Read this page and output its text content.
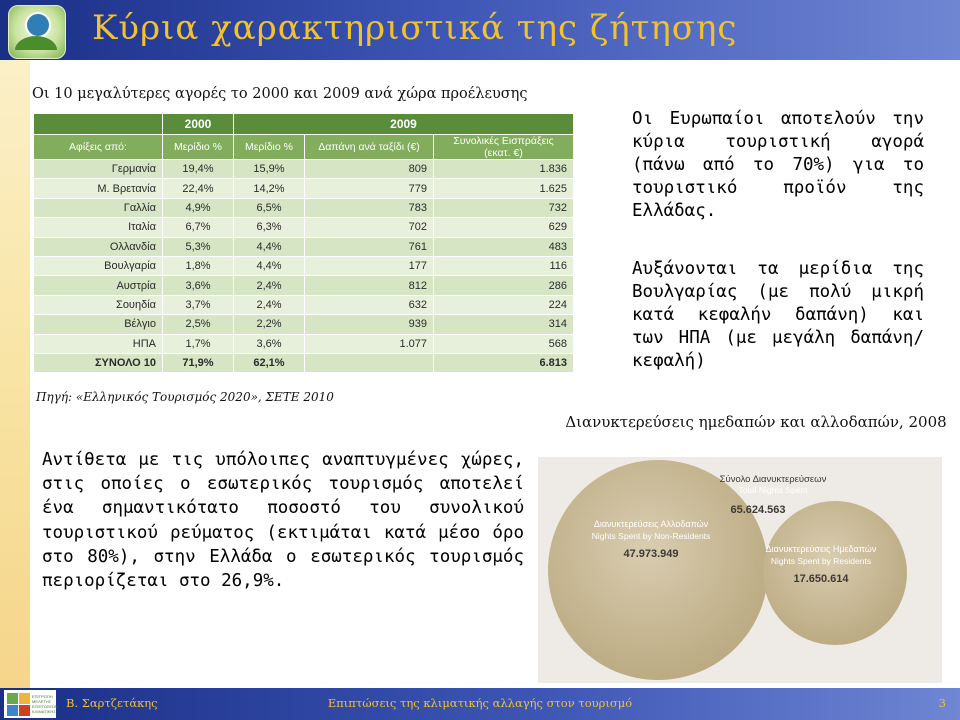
Κύρια χαρακτηριστικά της ζήτησης
Οι 10 μεγαλύτερες αγορές το 2000 και 2009 ανά χώρα προέλευσης
	2000	2009		
Αφίξεις από:	Μερίδιο %	Μερίδιο %	Δαπάνη ανά ταξίδι (€)	Συνολικές Εισπράξεις (εκατ. €)
Γερμανία	19,4%	15,9%	809	1.836
Μ. Βρετανία	22,4%	14,2%	779	1.625
Γαλλία	4,9%	6,5%	783	732
Ιταλία	6,7%	6,3%	702	629
Ολλανδία	5,3%	4,4%	761	483
Βουλγαρία	1,8%	4,4%	177	116
Αυστρία	3,6%	2,4%	812	286
Σουηδία	3,7%	2,4%	632	224
Βέλγιο	2,5%	2,2%	939	314
ΗΠΑ	1,7%	3,6%	1.077	568
ΣΥΝΟΛΟ 10	71,9%	62,1%		6.813
Πηγή: «Ελληνικός Τουρισμός 2020», ΣΕΤΕ 2010
Οι Ευρωπαίοι αποτελούν την κύρια τουριστική αγορά (πάνω από το 70%) για το τουριστικό προϊόν της Ελλάδας.
Αυξάνονται τα μερίδια της Βουλγαρίας (με πολύ μικρή κατά κεφαλήν δαπάνη) και των ΗΠΑ (με μεγάλη δαπάνη/κεφαλή)
Αντίθετα με τις υπόλοιπες αναπτυγμένες χώρες, στις οποίες ο εσωτερικός τουρισμός αποτελεί ένα σημαντικότατο ποσοστό του συνολικού τουριστικού ρεύματος (εκτιμάται κατά μέσο όρο στο 80%), στην Ελλάδα ο εσωτερικός τουρισμός περιορίζεται στο 26,9%.
Διανυκτερεύσεις ημεδαπών και αλλοδαπών, 2008
Σύνολο Διανυκτερεύσεων
Total Nights Spent
65.624.563
Διανυκτερεύσεις Αλλοδαπών
Nights Spent by Non-Residents
47.973.949	Διανυκτερεύσεις Ημεδαπών
Nights Spent by Residents
17.650.614
ΕΠΙΤΡΟΠΗ
ΜΕΛΕΤΗΣ
ΕΠΙΠΤΩΣΕΩΝ
ΚΛΙΜΑΤΙΚΗΣ
Β. Σαρτζετάκης	Επιπτώσεις της κλιματικής αλλαγής στον τουρισμό	3
